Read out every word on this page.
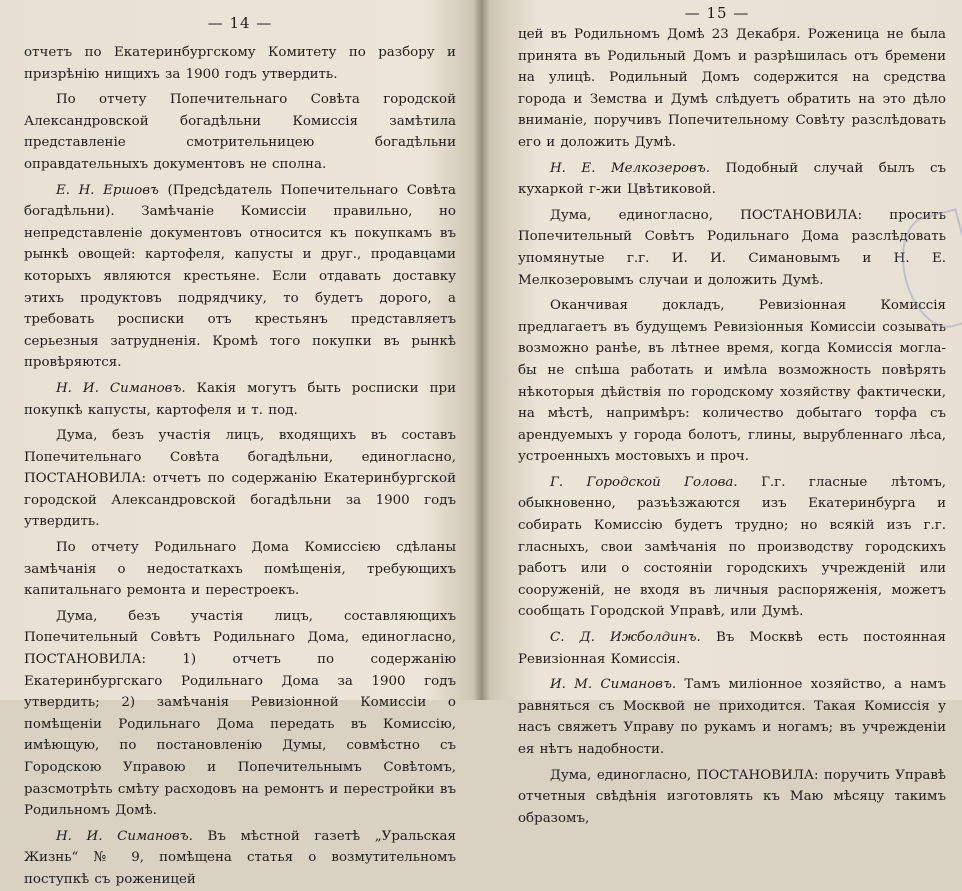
— 14 —

отчетъ по Екатеринбургскому Комитету по разбору и призрѣнію нищихъ за 1900 годъ утвердить.

По отчету Попечительнаго Совѣта городской Александровской богадѣльни Комиссія замѣтила представленіе смотрительницею богадѣльни оправдательныхъ документовъ не сполна.

Е. Н. Ершовъ (Предсѣдатель Попечительнаго Совѣта богадѣльни). Замѣчаніе Комиссіи правильно, но непредставленіе документовъ относится къ покупкамъ въ рынкѣ овощей: картофеля, капусты и друг., продавцами которыхъ являются крестьяне. Если отдавать доставку этихъ продуктовъ подрядчику, то будетъ дорого, а требовать росписки отъ крестьянъ представляетъ серьезныя затрудненія. Кромѣ того покупки въ рынкѣ провѣряются.

Н. И. Симановъ. Какія могутъ быть росписки при покупкѣ капусты, картофеля и т. под.

Дума, безъ участія лицъ, входящихъ въ составъ Попечительнаго Совѣта богадѣльни, единогласно, ПОСТАНОВИЛА: отчетъ по содержанію Екатеринбургской городской Александровской богадѣльни за 1900 годъ утвердить.

По отчету Родильнаго Дома Комиссією сдѣланы замѣчанія о недостаткахъ помѣщенія, требующихъ капитальнаго ремонта и перестроекъ.

Дума, безъ участія лицъ, составляющихъ Попечительный Совѣтъ Родильнаго Дома, единогласно, ПОСТАНОВИЛА: 1) отчетъ по содержанію Екатеринбургскаго Родильнаго Дома за 1900 годъ утвердить; 2) замѣчанія Ревизіонной Комиссіи о помѣщеніи Родильнаго Дома передать въ Комиссію, имѣющую, по постановленію Думы, совмѣстно съ Городскою Управою и Попечительнымъ Совѣтомъ, разсмотрѣть смѣту расходовъ на ремонтъ и перестройки въ Родильномъ Домѣ.

Н. И. Симановъ. Въ мѣстной газетѣ „Уральская Жизнь“ № 9, помѣщена статья о возмутительномъ поступкѣ съ роженицей

— 15 —

цей въ Родильномъ Домѣ 23 Декабря. Роженица не была принята въ Родильный Домъ и разрѣшилась отъ бремени на улицѣ. Родильный Домъ содержится на средства города и Земства и Думѣ слѣдуетъ обратить на это дѣло вниманіе, поручивъ Попечительному Совѣту разслѣдовать его и доложить Думѣ.

Н. Е. Мелкозеровъ. Подобный случай былъ съ кухаркой г-жи Цвѣтиковой.

Дума, единогласно, ПОСТАНОВИЛА: просить Попечительный Совѣтъ Родильнаго Дома разслѣдовать упомянутые г.г. И. И. Симановымъ и Н. Е. Мелкозеровымъ случаи и доложить Думѣ.

Оканчивая докладъ, Ревизіонная Комиссія предлагаетъ въ будущемъ Ревизіонныя Комиссіи созывать возможно ранѣе, въ лѣтнее время, когда Комиссія могла-бы не спѣша работать и имѣла возможность повѣрять нѣкоторыя дѣйствія по городскому хозяйству фактически, на мѣстѣ, напримѣръ: количество добытаго торфа съ арендуемыхъ у города болотъ, глины, вырубленнаго лѣса, устроенныхъ мостовыхъ и проч.

Г. Городской Голова. Г.г. гласные лѣтомъ, обыкновенно, разъѣзжаются изъ Екатеринбурга и собирать Комиссію будетъ трудно; но всякій изъ г.г. гласныхъ, свои замѣчанія по производству городскихъ работъ или о состояніи городскихъ учрежденій или сооруженій, не входя въ личныя распоряженія, можетъ сообщать Городской Управѣ, или Думѣ.

С. Д. Ижболдинъ. Въ Москвѣ есть постоянная Ревизіонная Комиссія.

И. М. Симановъ. Тамъ миліонное хозяйство, а намъ равняться съ Москвой не приходится. Такая Комиссія у насъ свяжетъ Управу по рукамъ и ногамъ; въ учрежденіи ея нѣтъ надобности.

Дума, единогласно, ПОСТАНОВИЛА: поручить Управѣ отчетныя свѣдѣнія изготовлять къ Маю мѣсяцу такимъ образомъ,
